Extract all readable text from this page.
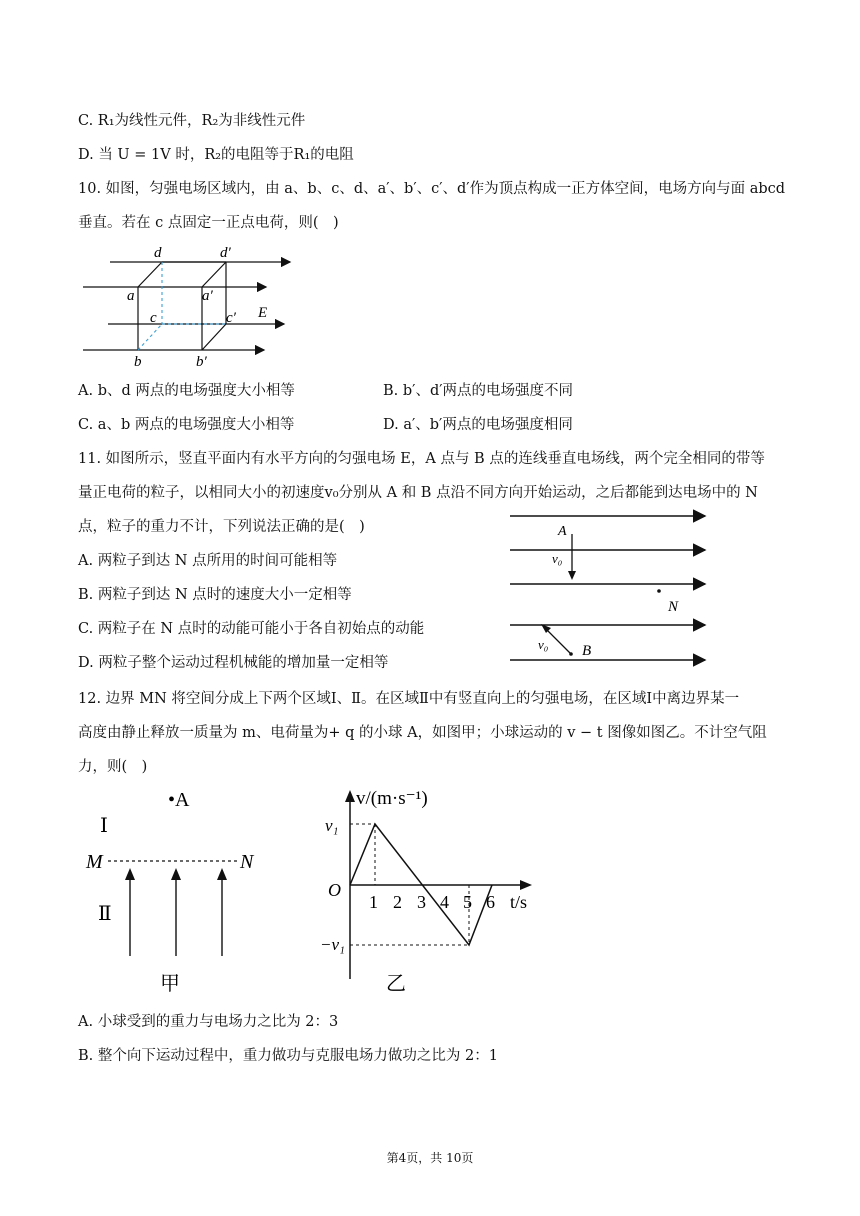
C. R₁为线性元件，R₂为非线性元件
D. 当 U = 1V 时，R₂的电阻等于R₁的电阻
10. 如图，匀强电场区域内，由 a、b、c、d、a′、b′、c′、d′作为顶点构成一正方体空间，电场方向与面 abcd
垂直。若在 c 点固定一正点电荷，则(　)
d	d′
a	a′
c	c′ E
b	b′
A. b、d 两点的电场强度大小相等	B. b′、d′两点的电场强度不同
C. a、b 两点的电场强度大小相等	D. a′、b′两点的电场强度相同
11. 如图所示，竖直平面内有水平方向的匀强电场 E，A 点与 B 点的连线垂直电场线，两个完全相同的带等
量正电荷的粒子，以相同大小的初速度v₀分别从 A 和 B 点沿不同方向开始运动，之后都能到达电场中的 N
点，粒子的重力不计，下列说法正确的是(　)
A. 两粒子到达 N 点所用的时间可能相等
B. 两粒子到达 N 点时的速度大小一定相等
C. 两粒子在 N 点时的动能可能小于各自初始点的动能
D. 两粒子整个运动过程机械能的增加量一定相等
A
v₀
N
v₀ B
12. 边界 MN 将空间分成上下两个区域Ⅰ、Ⅱ。在区域Ⅱ中有竖直向上的匀强电场，在区域Ⅰ中离边界某一
高度由静止释放一质量为 m、电荷量为+ q 的小球 A，如图甲；小球运动的 v − t 图像如图乙。不计空气阻
力，则(　)
•A
Ⅰ
M	N
Ⅱ
甲
v/(m·s⁻¹)
v₁
−v₁
O
t/s
1 2 3 4 5 6
乙
A. 小球受到的重力与电场力之比为 2：3
B. 整个向下运动过程中，重力做功与克服电场力做功之比为 2：1
第4页，共 10页
